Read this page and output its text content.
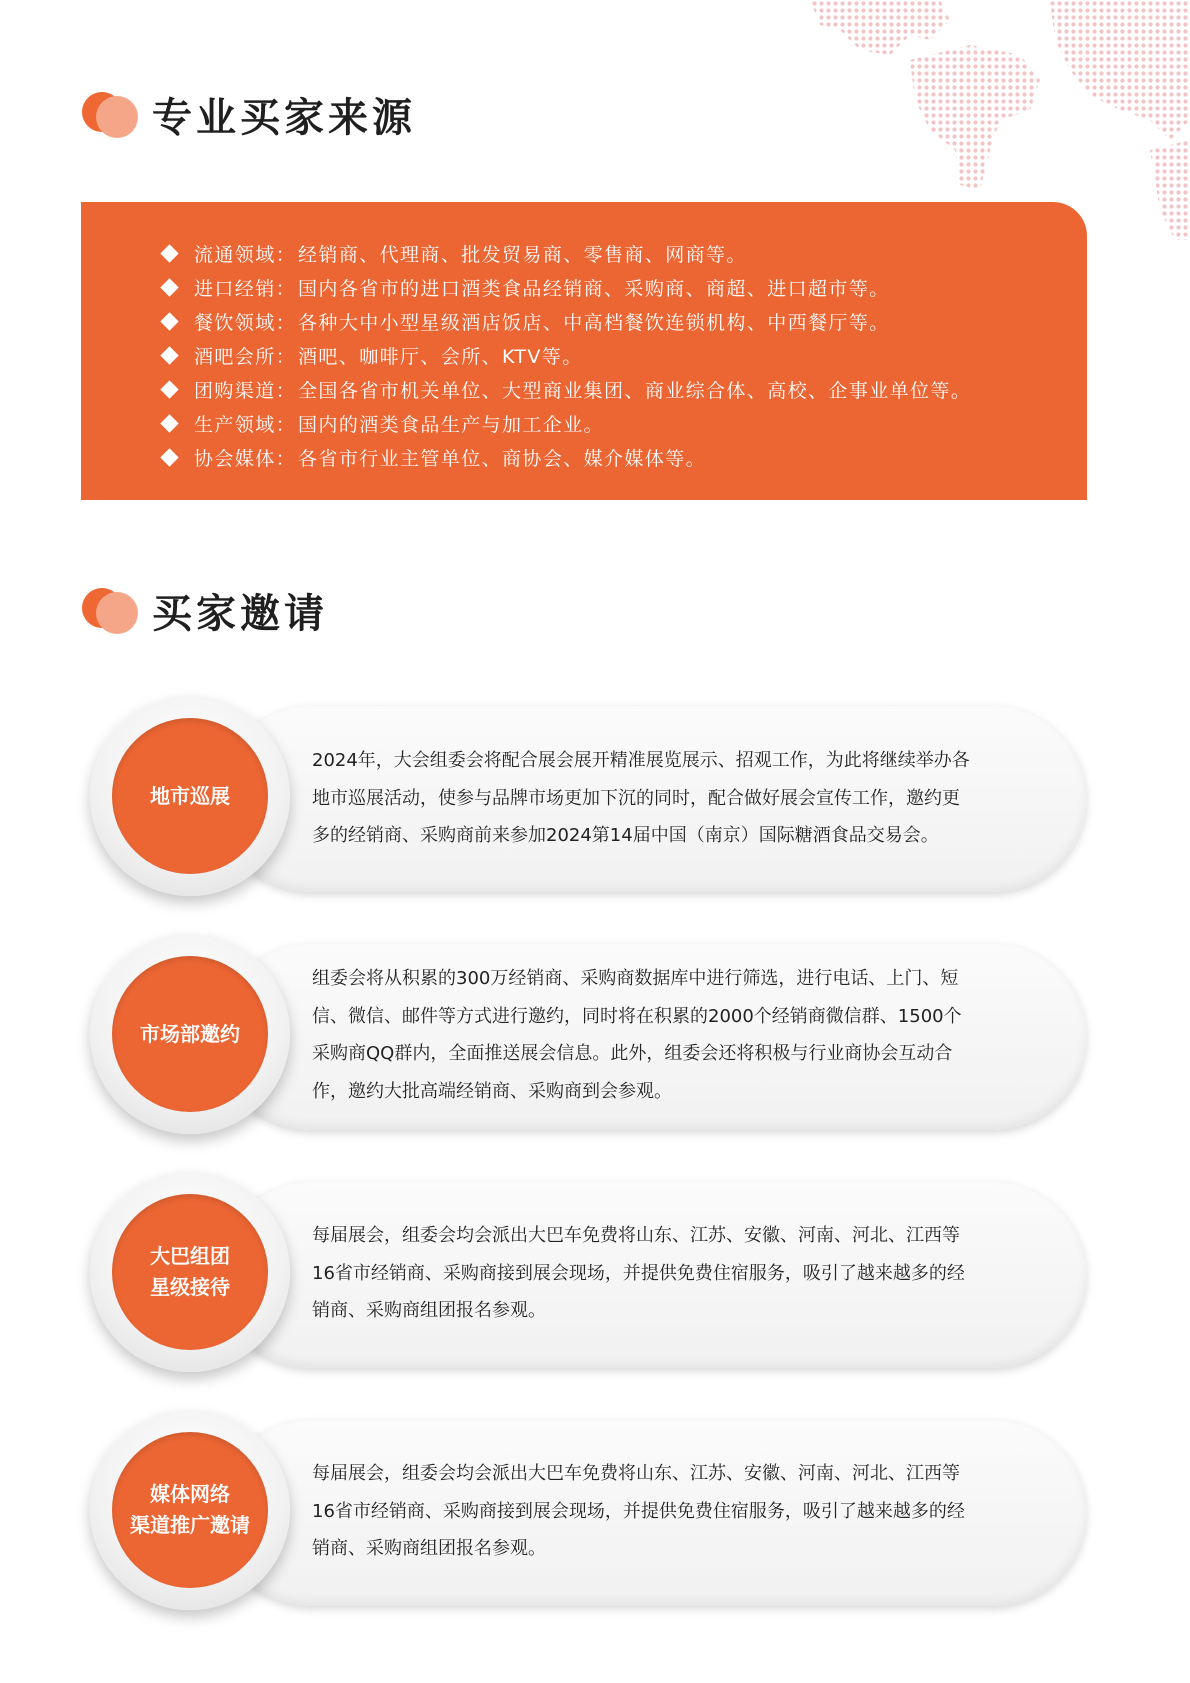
专业买家来源
流通领域： 经销商、代理商、批发贸易商、零售商、网商等。
进口经销： 国内各省市的进口酒类食品经销商、采购商、商超、进口超市等。
餐饮领域： 各种大中小型星级酒店饭店、中高档餐饮连锁机构、中西餐厅等。
酒吧会所： 酒吧、咖啡厅、会所、KTV等。
团购渠道： 全国各省市机关单位、大型商业集团、商业综合体、高校、企事业单位等。
生产领域： 国内的酒类食品生产与加工企业。
协会媒体： 各省市行业主管单位、商协会、媒介媒体等。
买家邀请
地市巡展
2024年，大会组委会将配合展会展开精准展览展示、招观工作，为此将继续举办各
地市巡展活动，使参与品牌市场更加下沉的同时，配合做好展会宣传工作，邀约更
多的经销商、采购商前来参加2024第14届中国（南京）国际糖酒食品交易会。
市场部邀约
组委会将从积累的300万经销商、采购商数据库中进行筛选，进行电话、上门、短
信、微信、邮件等方式进行邀约，同时将在积累的2000个经销商微信群、1500个
采购商QQ群内，全面推送展会信息。此外，组委会还将积极与行业商协会互动合
作，邀约大批高端经销商、采购商到会参观。
大巴组团
星级接待
每届展会，组委会均会派出大巴车免费将山东、江苏、安徽、河南、河北、江西等
16省市经销商、采购商接到展会现场，并提供免费住宿服务，吸引了越来越多的经
销商、采购商组团报名参观。
媒体网络
渠道推广邀请
每届展会，组委会均会派出大巴车免费将山东、江苏、安徽、河南、河北、江西等
16省市经销商、采购商接到展会现场，并提供免费住宿服务，吸引了越来越多的经
销商、采购商组团报名参观。
